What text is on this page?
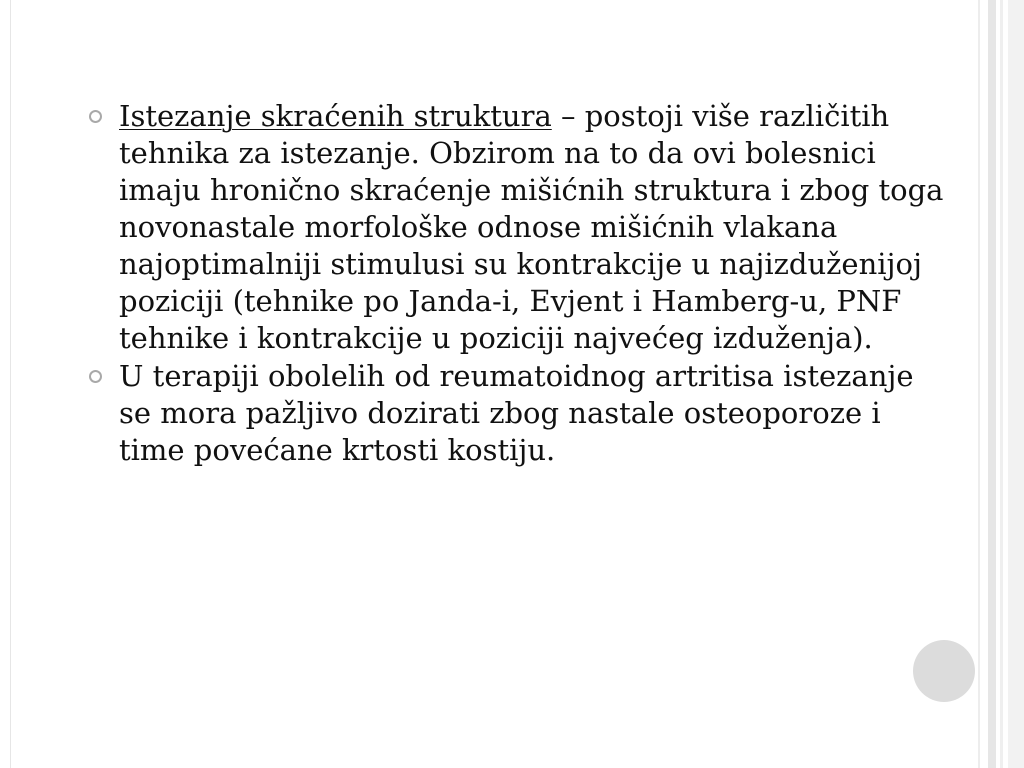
Istezanje skraćenih struktura – postoji više različitih tehnika za istezanje. Obzirom na to da ovi bolesnici imaju hronično skraćenje mišićnih struktura i zbog toga novonastale morfološke odnose mišićnih vlakana najoptimalniji stimulusi su kontrakcije u najizduženijoj poziciji (tehnike po Janda-i, Evjent i Hamberg-u, PNF tehnike i kontrakcije u poziciji najvećeg izduženja).
U terapiji obolelih od reumatoidnog artritisa istezanje se mora pažljivo dozirati zbog nastale osteoporoze i time povećane krtosti kostiju.
